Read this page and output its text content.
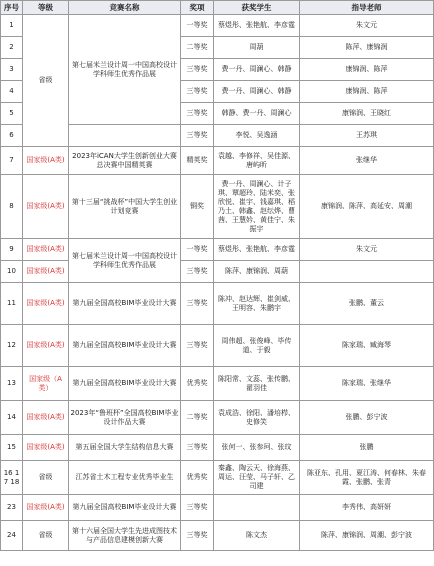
序号	等级	竞赛名称	奖项	获奖学生	指导老师
1	省级	第七届米兰设计周一中国高校设计学科师生优秀作品展	一等奖	蔡煜彤、张艳航、李彦霆	朱文元
2			二等奖	周葫	陈萍、康锦润
3			三等奖	费一丹、周澜心、韩静	康锦润、陈萍
4			三等奖	费一丹、周澜心、韩静	康锦润、陈萍
5			三等奖	韩静、费一丹、周澜心	康锦润、王晓红
6			三等奖	李悦、吴逸涵	王苏琪
7	国家级(A类)	2023年iCAN大学生创新创业大赛总决赛中国精英赛	精英奖	袁越、李修祥、吴佳源、唐屿昕	张继华
8	国家级(A类)	第十三届“挑战杯”中国大学生创业计划竞赛	铜奖	费一丹、周澜心、计子琪、覃超玲、陆米奕、张欣悦、崔宇、钱嘉琪、稻乃土、韩鑫、赵纭烨、曹茜、王慧妗、黄佳宁、朱振宇	康锦润、陈萍、高延安、周潮
9	国家级(A类)	第七届米兰设计周一中国高校设计学科师生优秀作品展	一等奖	蔡煜彤、张艳航、李彦霆	朱文元
10	国家级(A类)		三等奖	陈萍、康锦润、周葫	
11	国家级(A类)	第九届全国高校BIM毕业设计大赛	三等奖	陈冲、赵达辉、崔剑威、王明容、朱鹏宇	张鹏、董云
12	国家级(A类)	第九届全国高校BIM毕业设计大赛	三等奖	周伟超、张俊峰、毕传道、于毅	陈家瑞、臧海琴
13	国家级（A类）	第九届全国高校BIM毕业设计大赛	优秀奖	陈阳常、文蕊、张传鹏、翟羽佳	陈家瑞、张继华
14	国家级(A类)	2023年“鲁班杯”全国高校BIM毕业设计作品大赛	二等奖	袁成浩、徐阳、潘培栉、史修笑	张鹏、彭宁波
15	国家级(A类)	第五届全国大学生结构信息大赛	三等奖	张何一、张参珂、张玟	张鹏
16 17 18	省级	江苏省土木工程专业优秀毕业生	优秀奖	秦鑫、陶云天、徐海燕、周运、汪莹、马子轩、乙司建	陈亚东、孔用、夏江涛、何春林、朱春霞、张鹏、张青
23	国家级(A类)	第九届全国高校BIM毕业设计大赛	三等奖		李秀伟、高妍妍
24	省级	第十六届全国大学生先进成图技术与产品信息建模创新大赛	三等奖	陈文杰	陈萍、康锦润、周潮、彭宁波
